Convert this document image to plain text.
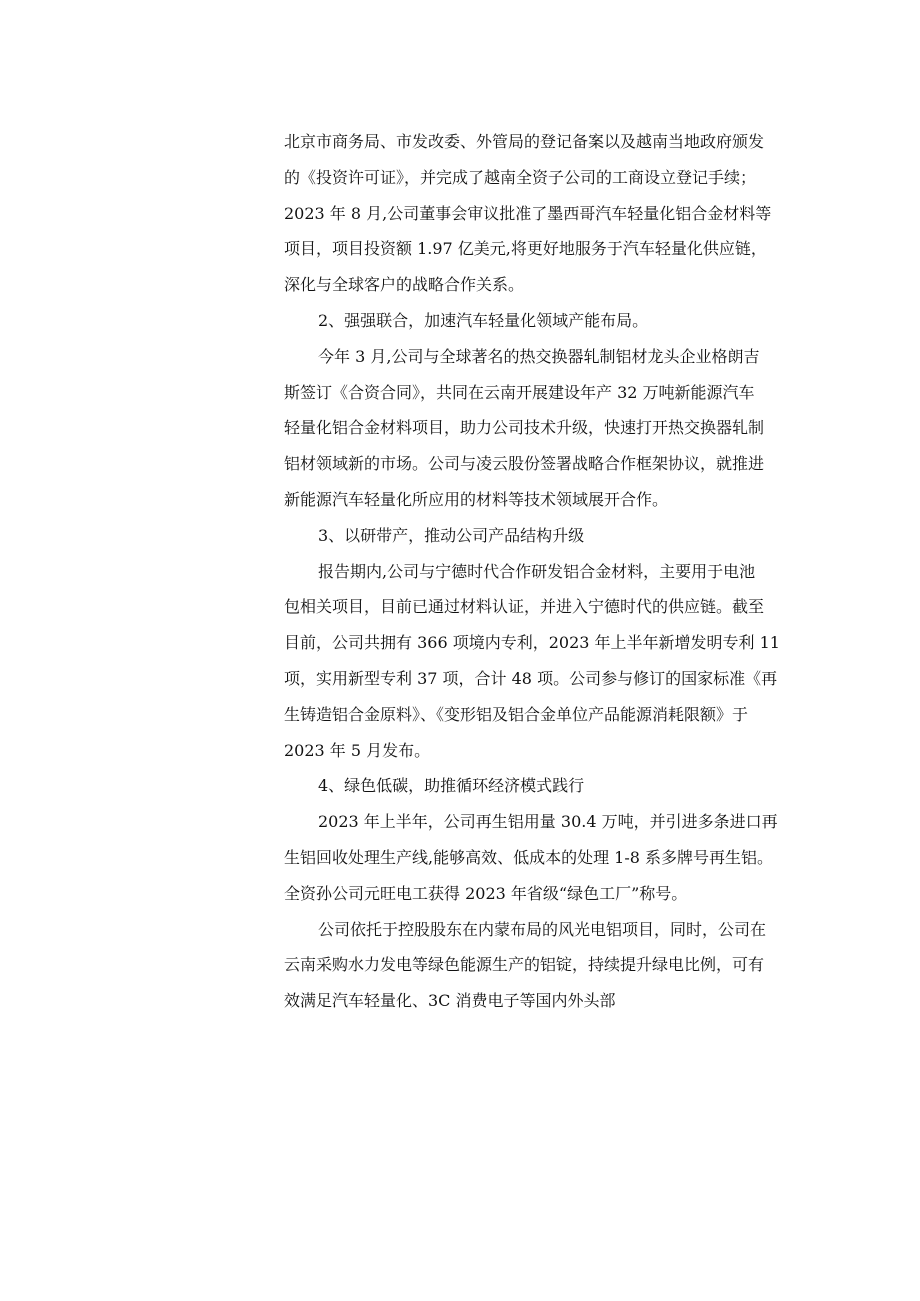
北京市商务局、市发改委、外管局的登记备案以及越南当地政府颁发
的《投资许可证》，并完成了越南全资子公司的工商设立登记手续；
2023 年 8 月,公司董事会审议批准了墨西哥汽车轻量化铝合金材料等
项目，项目投资额 1.97 亿美元,将更好地服务于汽车轻量化供应链，
深化与全球客户的战略合作关系。
2、强强联合，加速汽车轻量化领域产能布局。
今年 3 月,公司与全球著名的热交换器轧制铝材龙头企业格朗吉
斯签订《合资合同》，共同在云南开展建设年产 32 万吨新能源汽车
轻量化铝合金材料项目，助力公司技术升级，快速打开热交换器轧制
铝材领域新的市场。公司与凌云股份签署战略合作框架协议，就推进
新能源汽车轻量化所应用的材料等技术领域展开合作。
3、以研带产，推动公司产品结构升级
报告期内,公司与宁德时代合作研发铝合金材料，主要用于电池
包相关项目，目前已通过材料认证，并进入宁德时代的供应链。截至
目前，公司共拥有 366 项境内专利，2023 年上半年新增发明专利 11
项，实用新型专利 37 项，合计 48 项。公司参与修订的国家标准《再
生铸造铝合金原料》、《变形铝及铝合金单位产品能源消耗限额》于
2023 年 5 月发布。
4、绿色低碳，助推循环经济模式践行
2023 年上半年，公司再生铝用量 30.4 万吨，并引进多条进口再
生铝回收处理生产线,能够高效、低成本的处理 1-8 系多牌号再生铝。
全资孙公司元旺电工获得 2023 年省级“绿色工厂”称号。
公司依托于控股股东在内蒙布局的风光电铝项目，同时，公司在
云南采购水力发电等绿色能源生产的铝锭，持续提升绿电比例，可有
效满足汽车轻量化、3C 消费电子等国内外头部
